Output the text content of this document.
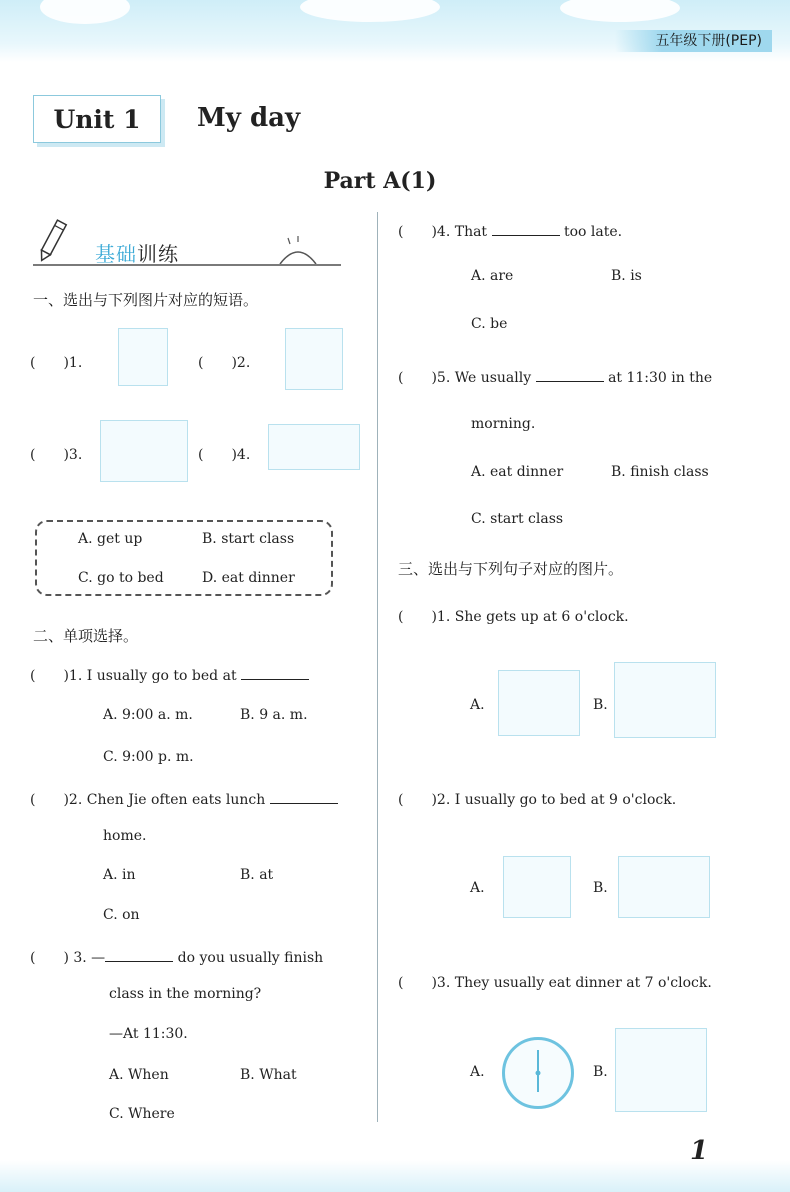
五年级下册(PEP)
Unit 1	My day
Part A(1)
基础训练
一、选出与下列图片对应的短语。
(　　)1.	(　　)2.
(　　)3.	(　　)4.
A. get up	B. start class
C. go to bed	D. eat dinner
二、单项选择。
(　　)1. I usually go to bed at
A. 9:00 a. m.	B. 9 a. m.
C. 9:00 p. m.
(　　)2. Chen Jie often eats lunch
home.
A. in	B. at
C. on
(　　) 3. —	do you usually finish
class in the morning?
—At 11:30.
A. When	B. What
C. Where
(　　)4. That	too late.
A. are	B. is
C. be
(　　)5. We usually	at 11:30 in the
morning.
A. eat dinner	B. finish class
C. start class
三、选出与下列句子对应的图片。
(　　)1. She gets up at 6 o'clock.
A.	B.
(　　)2. I usually go to bed at 9 o'clock.
A.	B.
(　　)3. They usually eat dinner at 7 o'clock.
A.	B.
1
